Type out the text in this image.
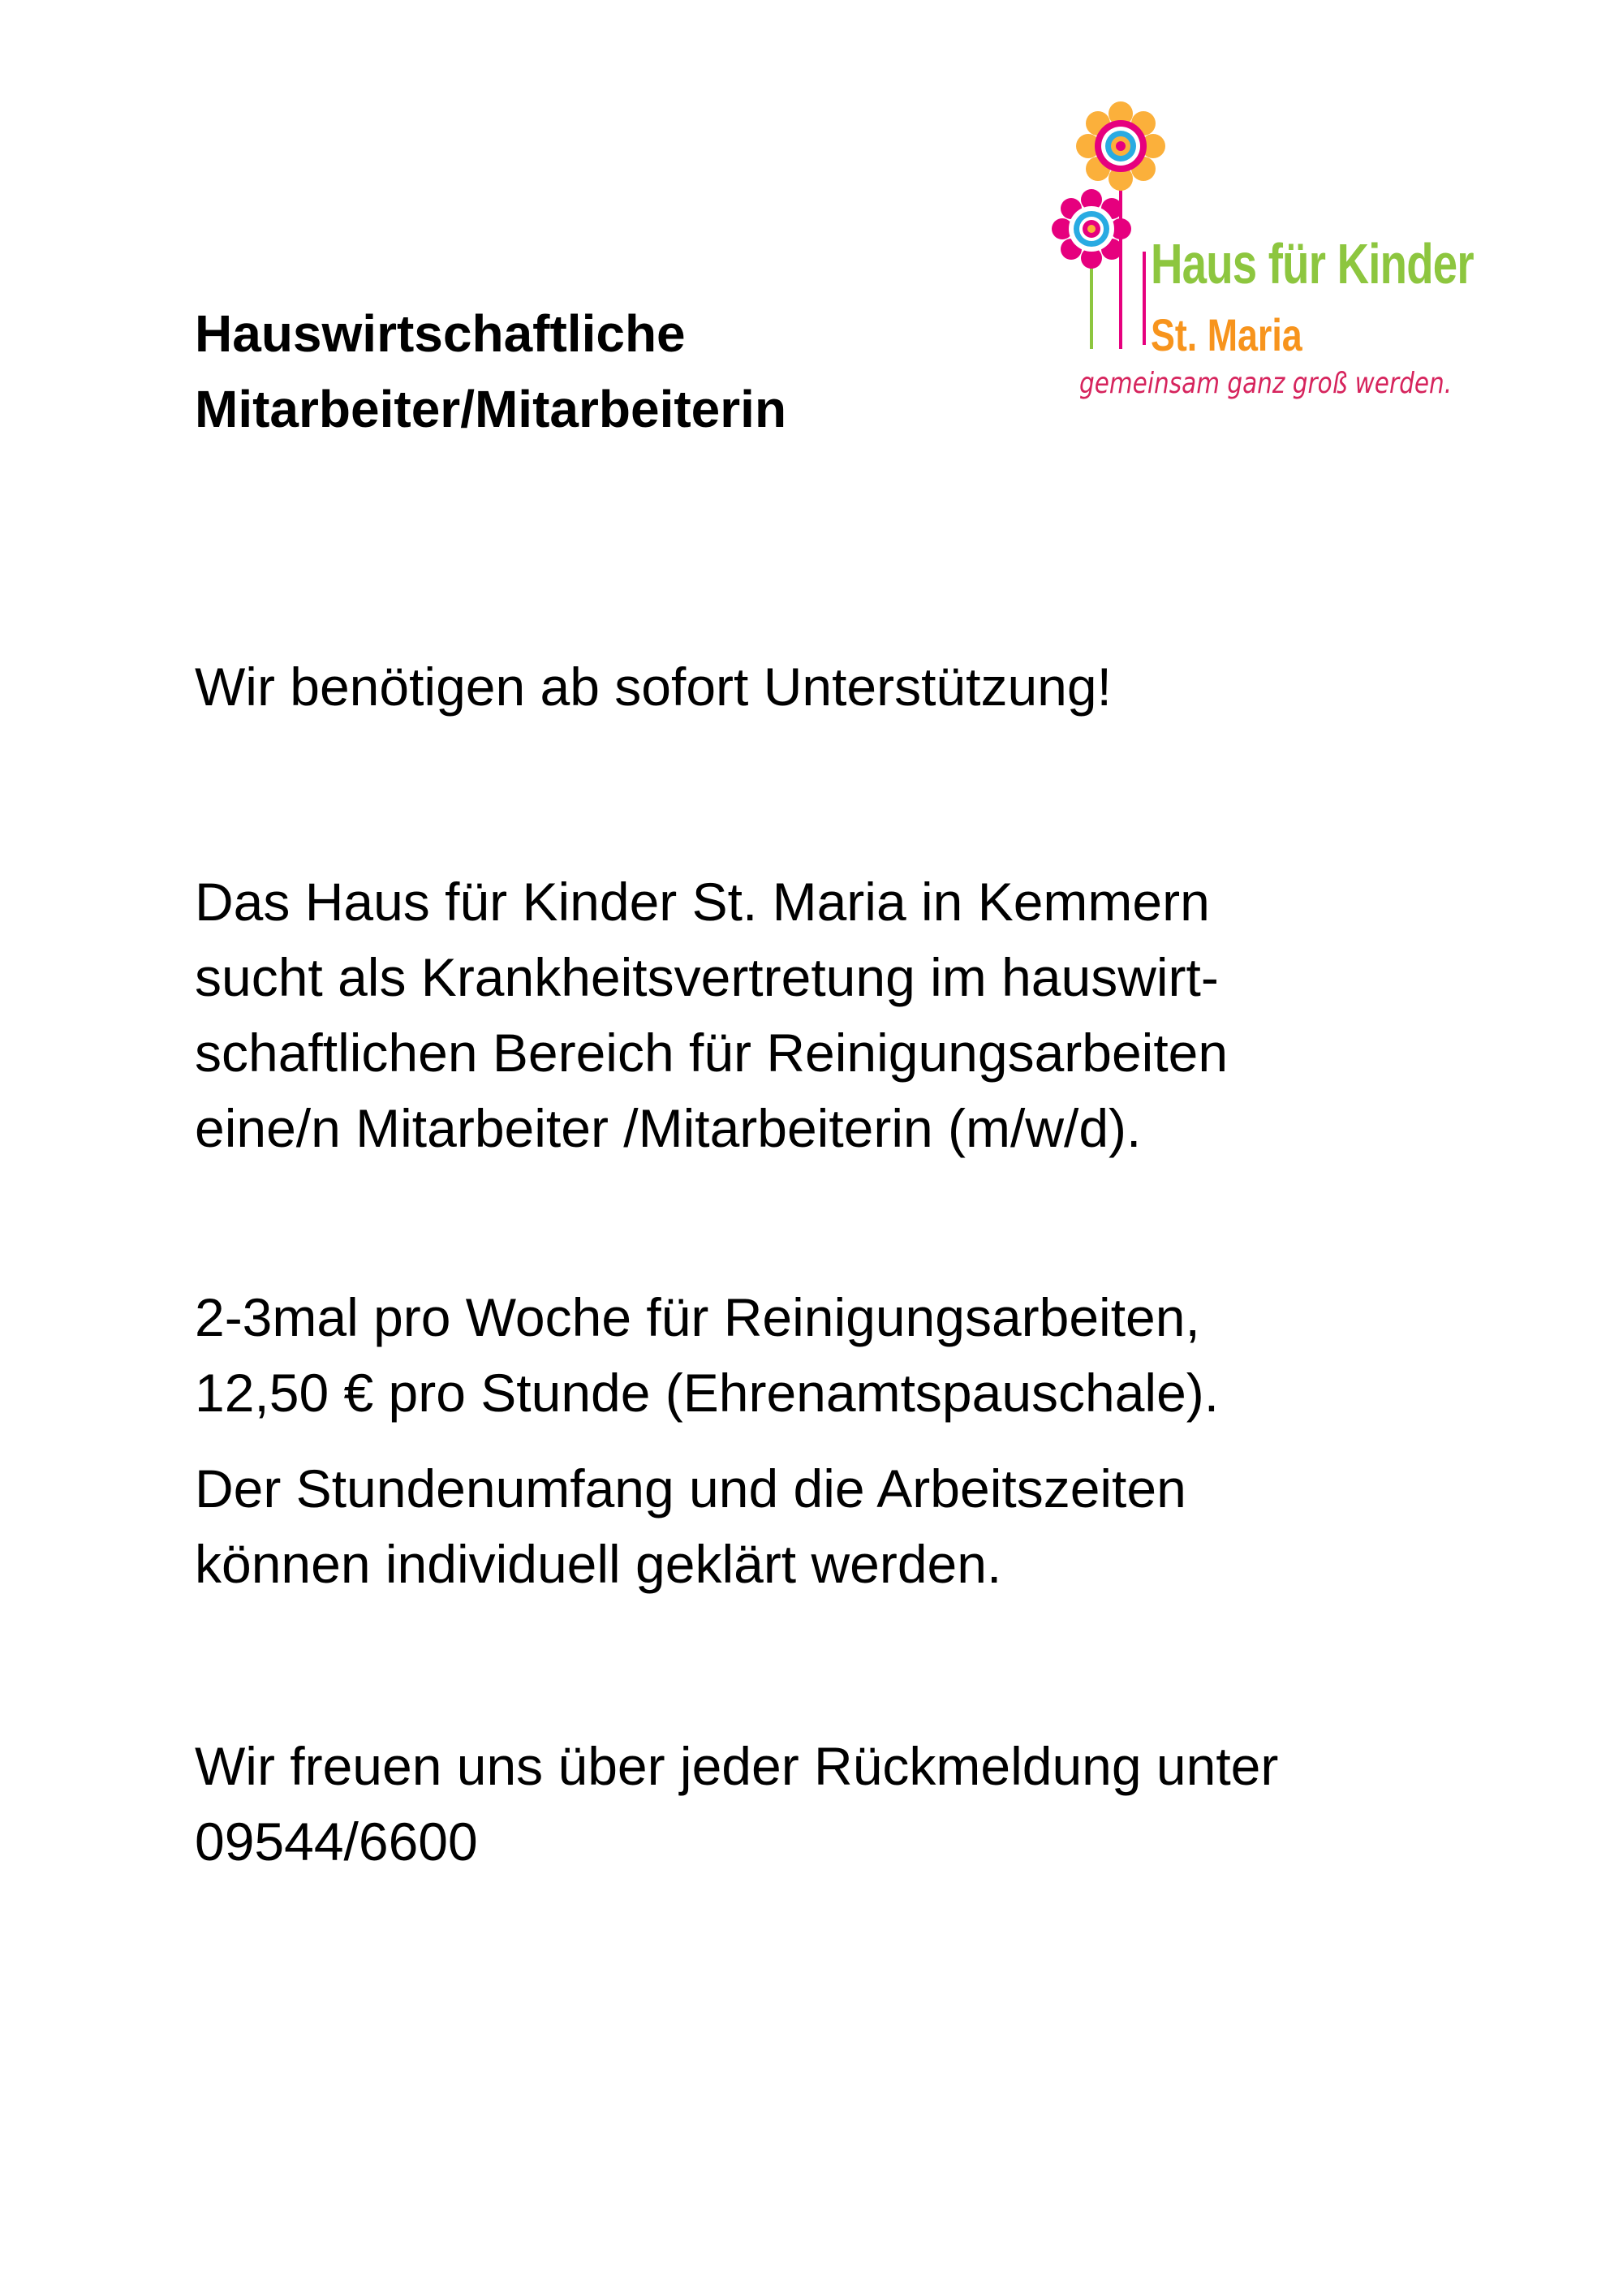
Hauswirtschaftliche
Mitarbeiter/Mitarbeiterin
Haus für Kinder
St. Maria
gemeinsam ganz groß werden.

Wir benötigen ab sofort Unterstützung!

Das Haus für Kinder St. Maria in Kemmern
sucht als Krankheitsvertretung im hauswirt-
schaftlichen Bereich für Reinigungsarbeiten
eine/n Mitarbeiter /Mitarbeiterin (m/w/d).

2-3mal pro Woche für Reinigungsarbeiten,
12,50 € pro Stunde (Ehrenamtspauschale).

Der Stundenumfang und die Arbeitszeiten
können individuell geklärt werden.

Wir freuen uns über jeder Rückmeldung unter
09544/6600
